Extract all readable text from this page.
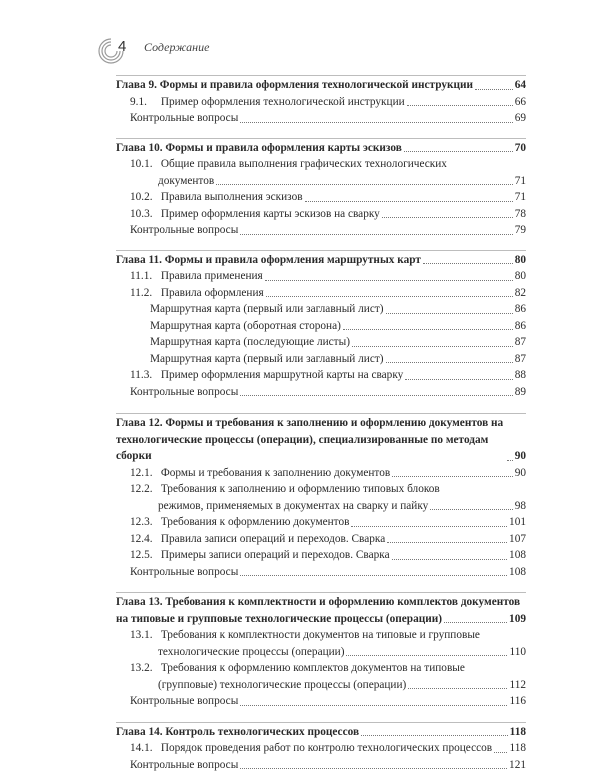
4 Содержание
Глава 9. Формы и правила оформления технологической инструкции	64
9.1. Пример оформления технологической инструкции	66
Контрольные вопросы	69
Глава 10. Формы и правила оформления карты эскизов	70
10.1. Общие правила выполнения графических технологических
документов	71
10.2. Правила выполнения эскизов	71
10.3. Пример оформления карты эскизов на сварку	78
Контрольные вопросы	79
Глава 11. Формы и правила оформления маршрутных карт	80
11.1. Правила применения	80
11.2. Правила оформления	82
Маршрутная карта (первый или заглавный лист)	86
Маршрутная карта (оборотная сторона)	86
Маршрутная карта (последующие листы)	87
Маршрутная карта (первый или заглавный лист)	87
11.3. Пример оформления маршрутной карты на сварку	88
Контрольные вопросы	89
Глава 12. Формы и требования к заполнению и оформлению документов на
технологические процессы (операции), специализированные по методам сборки	90
12.1. Формы и требования к заполнению документов	90
12.2. Требования к заполнению и оформлению типовых блоков
режимов, применяемых в документах на сварку и пайку	98
12.3. Требования к оформлению документов	101
12.4. Правила записи операций и переходов. Сварка	107
12.5. Примеры записи операций и переходов. Сварка	108
Контрольные вопросы	108
Глава 13. Требования к комплектности и оформлению комплектов документов
на типовые и групповые технологические процессы (операции)	109
13.1. Требования к комплектности документов на типовые и групповые
технологические процессы (операции)	110
13.2. Требования к оформлению комплектов документов на типовые
(групповые) технологические процессы (операции)	112
Контрольные вопросы	116
Глава 14. Контроль технологических процессов	118
14.1. Порядок проведения работ по контролю технологических процессов 118
Контрольные вопросы	121
